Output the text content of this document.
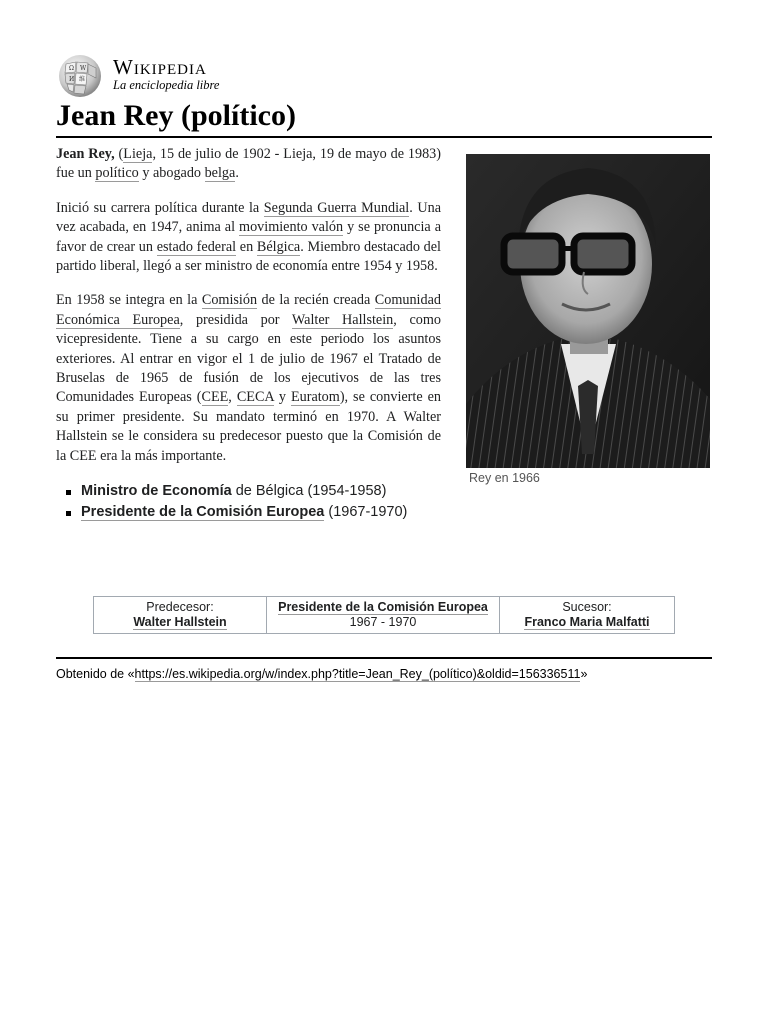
Ω W
И 维
Wikipedia
La enciclopedia libre
Jean Rey (político)

Jean Rey, (Lieja, 15 de julio de 1902 - Lieja, 19 de mayo de 1983) fue un político y abogado belga.

Inició su carrera política durante la Segunda Guerra Mundial. Una vez acabada, en 1947, anima al movimiento valón y se pronuncia a favor de crear un estado federal en Bélgica. Miembro destacado del partido liberal, llegó a ser ministro de economía entre 1954 y 1958.

En 1958 se integra en la Comisión de la recién creada Comunidad Económica Europea, presidida por Walter Hallstein, como vicepresidente. Tiene a su cargo en este periodo los asuntos exteriores. Al entrar en vigor el 1 de julio de 1967 el Tratado de Bruselas de 1965 de fusión de los ejecutivos de las tres Comunidades Europeas (CEE, CECA y Euratom), se convierte en su primer presidente. Su mandato terminó en 1970. A Walter Hallstein se le considera su predecesor puesto que la Comisión de la CEE era la más importante.

Rey en 1966
Ministro de Economía de Bélgica (1954-1958)
Presidente de la Comisión Europea (1967-1970)
Predecesor:
Walter Hallstein

Presidente de la Comisión Europea
1967 - 1970

Sucesor:
Franco Maria Malfatti
Obtenido de «https://es.wikipedia.org/w/index.php?title=Jean_Rey_(político)&oldid=156336511»
